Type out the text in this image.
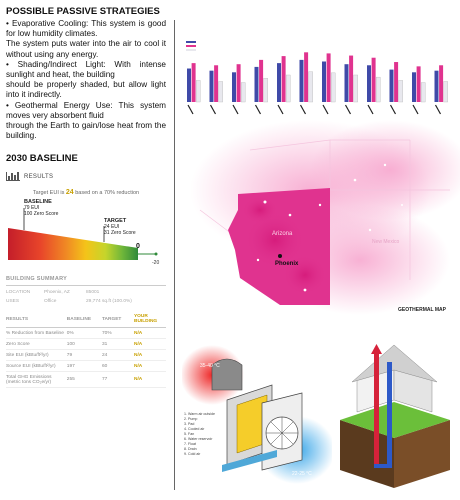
POSSIBLE PASSIVE STRATEGIES

• Evaporative Cooling: This system is good for low humidity climates.

The system puts water into the air to cool it without using any energy.

• Shading/Indirect Light: With intense sunlight and heat, the building

should be properly shaded, but allow light into it indirectly.

• Geothermal Energy Use: This system moves very absorbent fluid

through the Earth to gain/lose heat from the building.

2030 BASELINE
RESULTS
Target EUI is 24 based on a 70% reduction
BASELINE
79 EUI
100 Zero Score
TARGET
24 EUI
31 Zero Score
100	50
0
-20
BUILDING SUMMARY
LOCATION	Phoenix, AZ	85001
USES	Office	29,774 sq.ft (100.0%)
RESULTS	BASELINE	TARGET	YOUR BUILDING
% Reduction from Baseline	0%	70%	N/A
Zero Score	100	31	N/A
Site EUI (kBtu/ft²/yr)	79	24	N/A
Source EUI (kBtu/ft²/yr)	197	60	N/A
Total GHG Emissions (metric tons CO₂e/yr)	255	77	N/A
Arizona
Phoenix
New Mexico
GEOTHERMAL MAP
35-40 °C
22-25 °C
1. Warm air outside
2. Pump
3. Pad
4. Cooled air
5. Fan
6. Water reservoir
7. Float
8. Drain
9. Cold air
